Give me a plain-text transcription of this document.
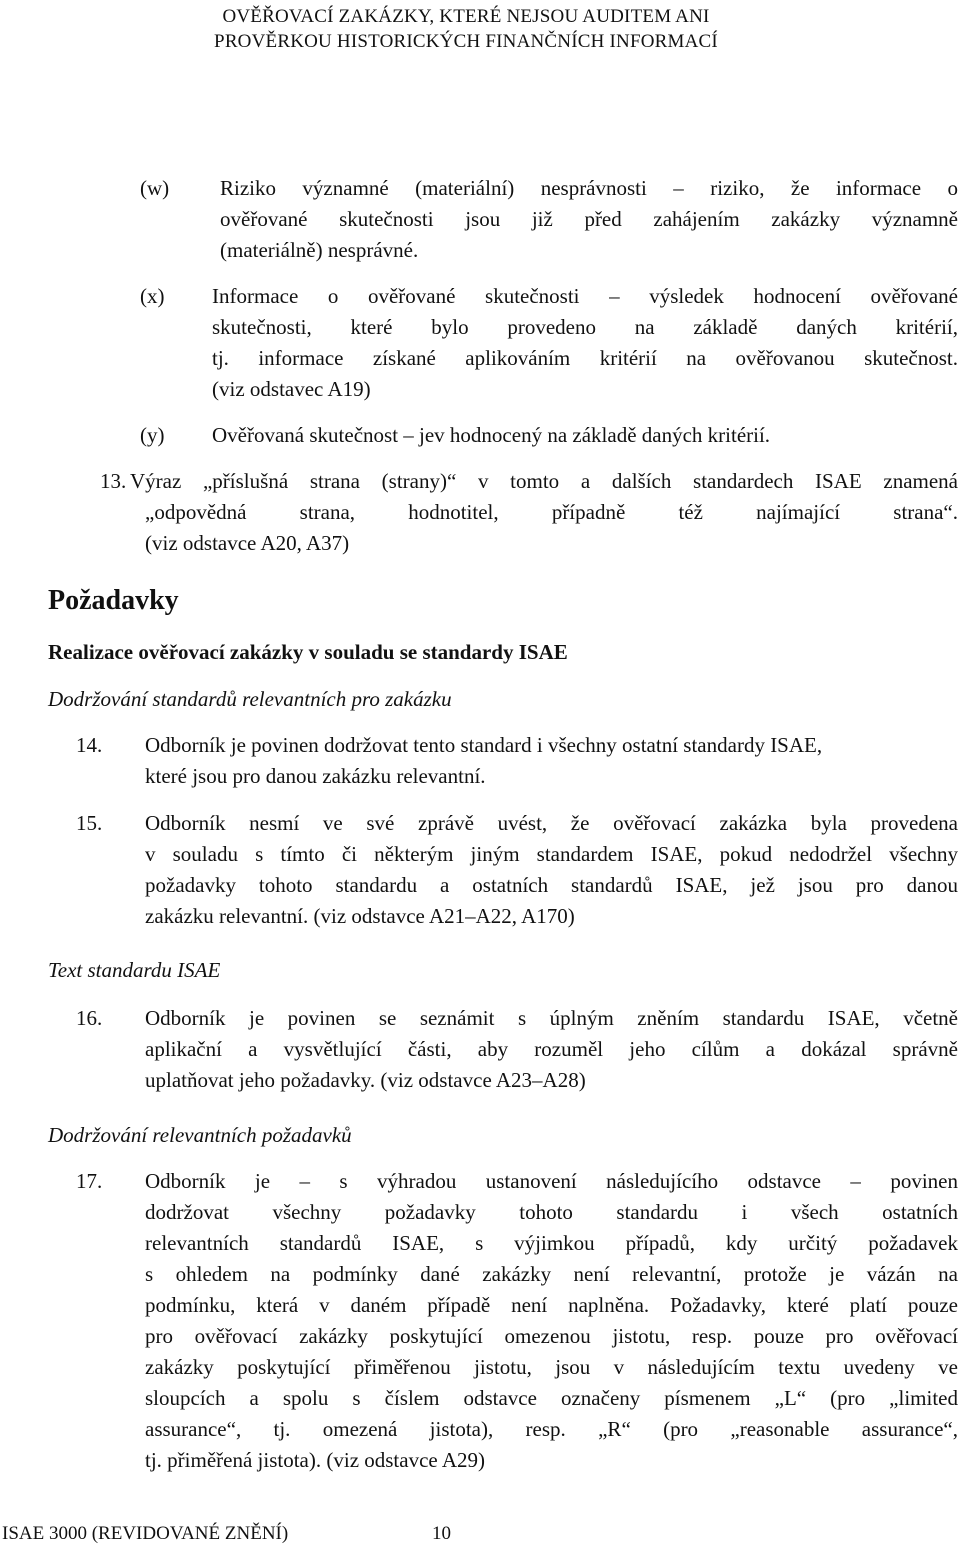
OVĚŘOVACÍ ZAKÁZKY, KTERÉ NEJSOU AUDITEM ANI
PROVĚRKOU HISTORICKÝCH FINANČNÍCH INFORMACÍ
(w) Riziko významné (materiální) nesprávnosti – riziko, že informace o
ověřované skutečnosti jsou již před zahájením zakázky významně
(materiálně) nesprávné.
(x) Informace o ověřované skutečnosti – výsledek hodnocení ověřované
skutečnosti, které bylo provedeno na základě daných kritérií,
tj. informace získané aplikováním kritérií na ověřovanou skutečnost.
(viz odstavec A19)
(y) Ověřovaná skutečnost – jev hodnocený na základě daných kritérií.
13. Výraz „příslušná strana (strany)“ v tomto a dalších standardech ISAE znamená
„odpovědná strana, hodnotitel, případně též najímající strana“.
(viz odstavce A20, A37)
Požadavky
Realizace ověřovací zakázky v souladu se standardy ISAE
Dodržování standardů relevantních pro zakázku
14. Odborník je povinen dodržovat tento standard i všechny ostatní standardy ISAE,
které jsou pro danou zakázku relevantní.
15. Odborník nesmí ve své zprávě uvést, že ověřovací zakázka byla provedena
v souladu s tímto či některým jiným standardem ISAE, pokud nedodržel všechny
požadavky tohoto standardu a ostatních standardů ISAE, jež jsou pro danou
zakázku relevantní. (viz odstavce A21–A22, A170)
Text standardu ISAE
16. Odborník je povinen se seznámit s úplným zněním standardu ISAE, včetně
aplikační a vysvětlující části, aby rozuměl jeho cílům a dokázal správně
uplatňovat jeho požadavky. (viz odstavce A23–A28)
Dodržování relevantních požadavků
17. Odborník je – s výhradou ustanovení následujícího odstavce – povinen
dodržovat všechny požadavky tohoto standardu i všech ostatních
relevantních standardů ISAE, s výjimkou případů, kdy určitý požadavek
s ohledem na podmínky dané zakázky není relevantní, protože je vázán na
podmínku, která v daném případě není naplněna. Požadavky, které platí pouze
pro ověřovací zakázky poskytující omezenou jistotu, resp. pouze pro ověřovací
zakázky poskytující přiměřenou jistotu, jsou v následujícím textu uvedeny ve
sloupcích a spolu s číslem odstavce označeny písmenem „L“ (pro „limited
assurance“, tj. omezená jistota), resp. „R“ (pro „reasonable assurance“,
tj. přiměřená jistota). (viz odstavce A29)
ISAE 3000 (REVIDOVANÉ ZNĚNÍ)	10
